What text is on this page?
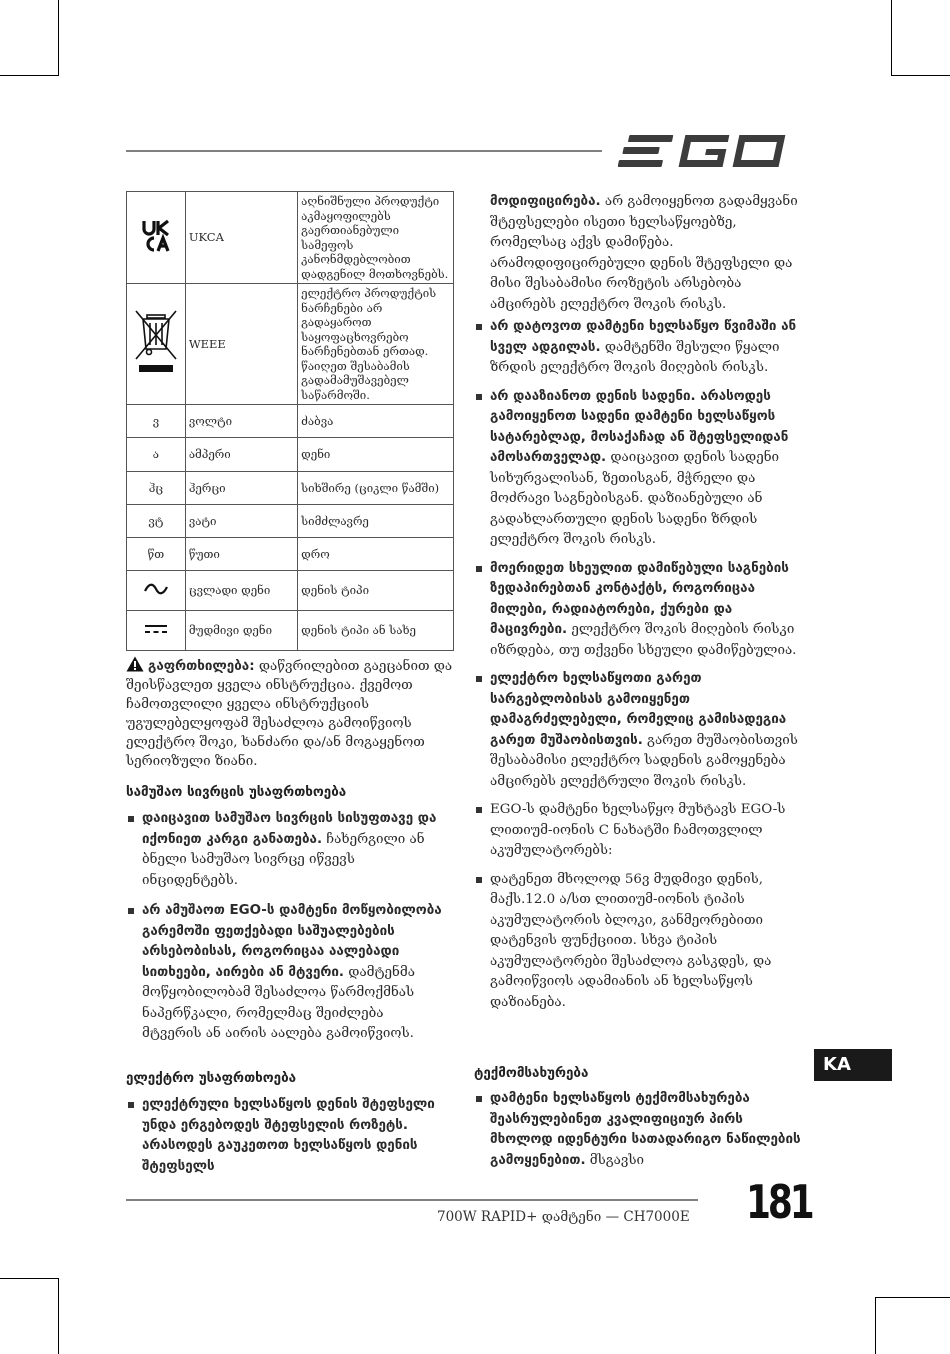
	UKCA	აღნიშნული პროდუქტი აკმაყოფილებს გაერთიანებული სამეფოს კანონმდებლობით დადგენილ მოთხოვნებს.
	WEEE	ელექტრო პროდუქტის ნარჩენები არ გადაყაროთ საყოფაცხოვრებო ნარჩენებთან ერთად. წაიღეთ შესაბამის გადამამუშავებელ საწარმოში.
ვ	ვოლტი	ძაბვა
ა	ამპერი	დენი
ჰც	ჰერცი	სიხშირე (ციკლი წამში)
ვტ	ვატი	სიმძლავრე
წთ	წუთი	დრო
	ცვლადი დენი	დენის ტიპი
	მუდმივი დენი	დენის ტიპი ან სახე
გაფრთხილება: დაწვრილებით გაეცანით და შეისწავლეთ ყველა ინსტრუქცია. ქვემოთ ჩამოთვლილი ყველა ინსტრუქციის უგულებელყოფამ შესაძლოა გამოიწვიოს ელექტრო შოკი, ხანძარი და/ან მოგაყენოთ სერიოზული ზიანი.
სამუშაო სივრცის უსაფრთხოება
დაიცავით სამუშაო სივრცის სისუფთავე და იქონიეთ კარგი განათება. ჩახერგილი ან ბნელი სამუშაო სივრცე იწვევს ინციდენტებს.
არ ამუშაოთ EGO-ს დამტენი მოწყობილობა გარემოში ფეთქებადი საშუალებების არსებობისას, როგორიცაა აალებადი სითხეები, აირები ან მტვერი. დამტენმა მოწყობილობამ შესაძლოა წარმოქმნას ნაპერწკალი, რომელმაც შეიძლება მტვერის ან აირის აალება გამოიწვიოს.
ელექტრო უსაფრთხოება
ელექტრული ხელსაწყოს დენის შტეფსელი უნდა ერგებოდეს შტეფსელის როზეტს. არასოდეს გაუკეთოთ ხელსაწყოს დენის შტეფსელს

მოდიფიცირება. არ გამოიყენოთ გადამყვანი შტეფსელები ისეთი ხელსაწყოებზე, რომელსაც აქვს დამიწება. არამოდიფიცირებული დენის შტეფსელი და მისი შესაბამისი როზეტის არსებობა ამცირებს ელექტრო შოკის რისკს.

არ დატოვოთ დამტენი ხელსაწყო წვიმაში ან სველ ადგილას. დამტენში შესული წყალი ზრდის ელექტრო შოკის მიღების რისკს.
არ დააზიანოთ დენის სადენი. არასოდეს გამოიყენოთ სადენი დამტენი ხელსაწყოს სატარებლად, მოსაქაჩად ან შტეფსელიდან ამოსართველად. დაიცავით დენის სადენი სიხურვალისან, ზეთისგან, მჭრელი და მოძრავი საგნებისგან. დაზიანებული ან გადახლართული დენის სადენი ზრდის ელექტრო შოკის რისკს.
მოერიდეთ სხეულით დამიწებული საგნების ზედაპირებთან კონტაქტს, როგორიცაა მილები, რადიატორები, ქურები და მაცივრები. ელექტრო შოკის მიღების რისკი იზრდება, თუ თქვენი სხეული დამიწებულია.
ელექტრო ხელსაწყოთი გარეთ სარგებლობისას გამოიყენეთ დამაგრძელებელი, რომელიც გამისადეგია გარეთ მუშაობისთვის. გარეთ მუშაობისთვის შესაბამისი ელექტრო სადენის გამოყენება ამცირებს ელექტრული შოკის რისკს.
EGO-ს დამტენი ხელსაწყო მუხტავს EGO-ს ლითიუმ-იონის C ნახატში ჩამოთვლილ აკუმულატორებს:
დატენეთ მხოლოდ 56ვ მუდმივი დენის, მაქს.12.0 ა/სთ ლითიუმ-იონის ტიპის აკუმულატორის ბლოკი, განმეორებითი დატენვის ფუნქციით. სხვა ტიპის აკუმულატორები შესაძლოა გასკდეს, და გამოიწვიოს ადამიანის ან ხელსაწყოს დაზიანება.
ტექმომსახურება
დამტენი ხელსაწყოს ტექმომსახურება შეასრულებინეთ კვალიფიციურ პირს მხოლოდ იდენტური სათადარიგო ნაწილების გამოყენებით. მსგავსი
KA
700W RAPID+ დამტენი — CH7000E 181
